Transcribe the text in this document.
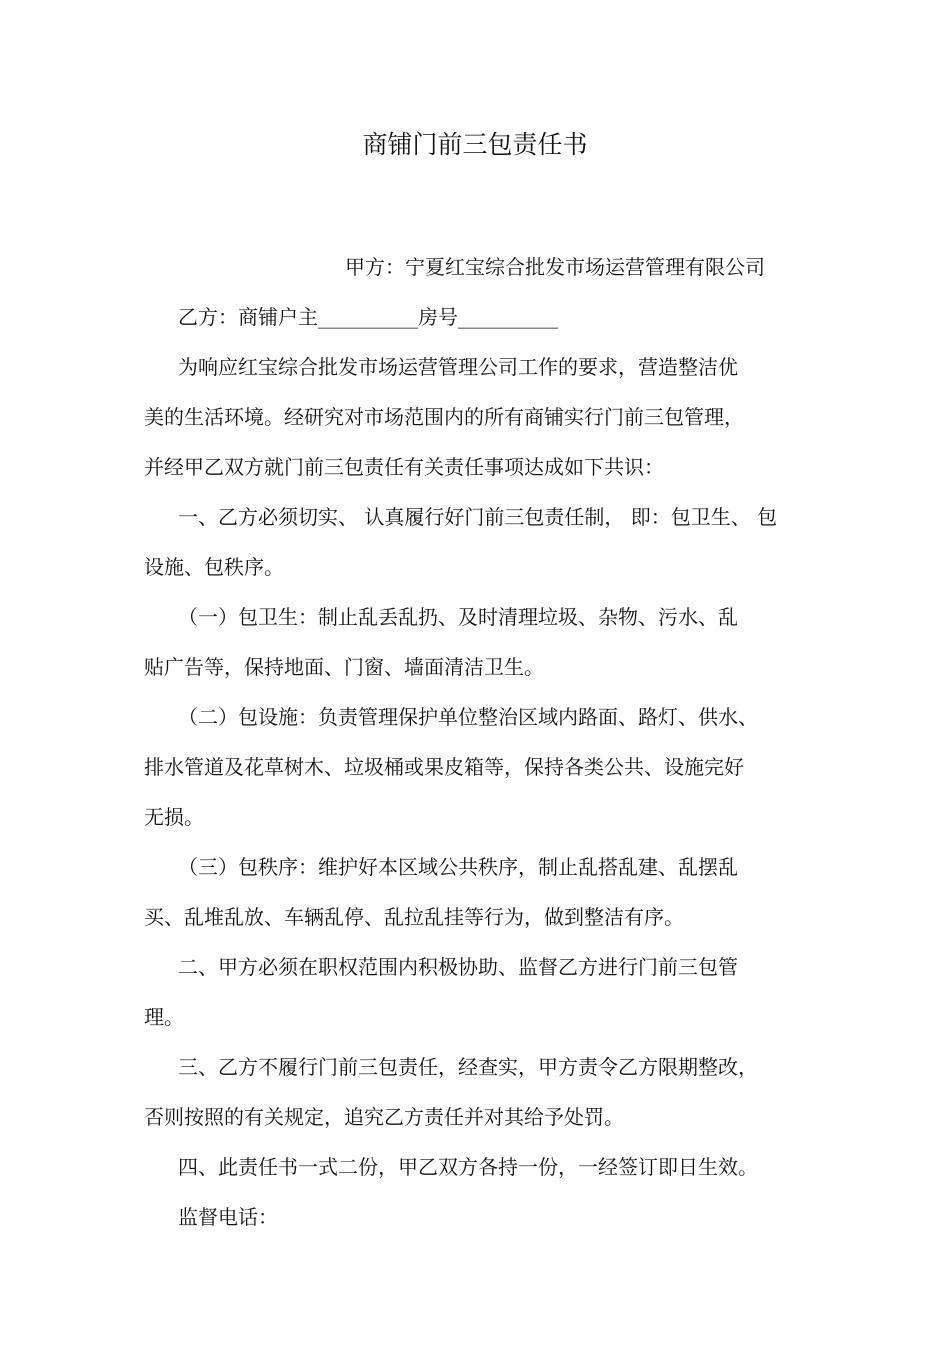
商铺门前三包责任书
甲方：宁夏红宝综合批发市场运营管理有限公司
乙方：商铺户主__________房号__________
为响应红宝综合批发市场运营管理公司工作的要求，营造整洁优
美的生活环境。经研究对市场范围内的所有商铺实行门前三包管理，
并经甲乙双方就门前三包责任有关责任事项达成如下共识：
一、乙方必须切实、 认真履行好门前三包责任制， 即：包卫生、 包
设施、包秩序。
（一）包卫生：制止乱丢乱扔、及时清理垃圾、杂物、污水、乱
贴广告等，保持地面、门窗、墙面清洁卫生。
（二）包设施：负责管理保护单位整治区域内路面、路灯、供水、
排水管道及花草树木、垃圾桶或果皮箱等，保持各类公共、设施完好
无损。
（三）包秩序：维护好本区域公共秩序，制止乱搭乱建、乱摆乱
买、乱堆乱放、车辆乱停、乱拉乱挂等行为，做到整洁有序。
二、甲方必须在职权范围内积极协助、监督乙方进行门前三包管
理。
三、乙方不履行门前三包责任，经查实，甲方责令乙方限期整改，
否则按照的有关规定，追究乙方责任并对其给予处罚。
四、此责任书一式二份，甲乙双方各持一份，一经签订即日生效。
监督电话：
